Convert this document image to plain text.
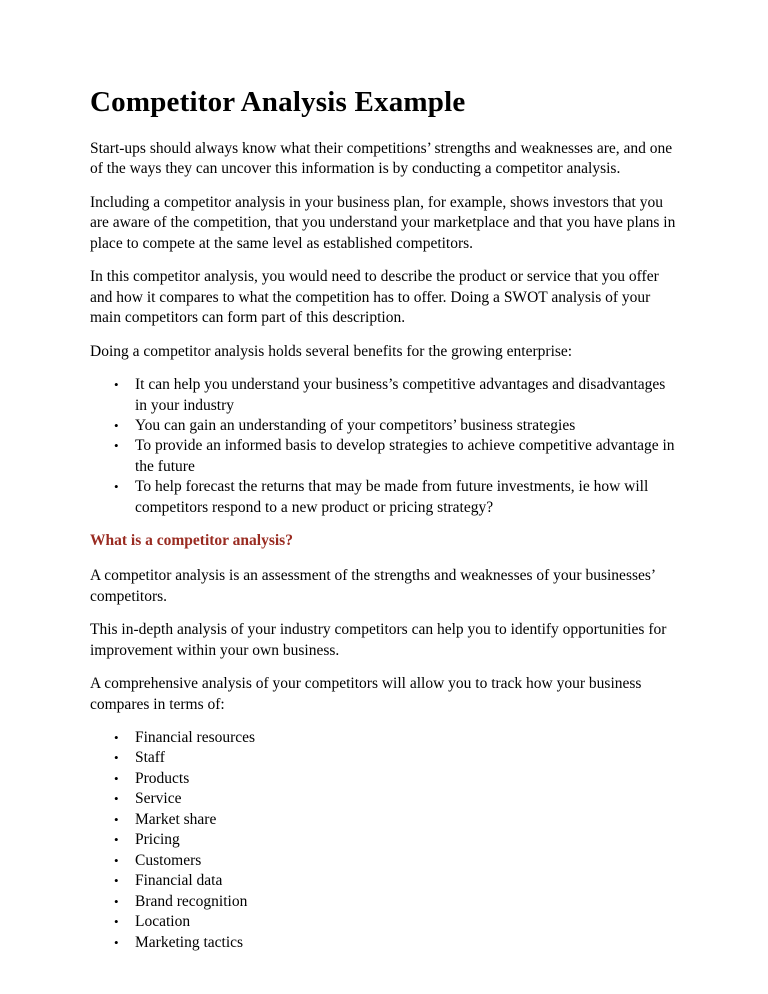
Competitor Analysis Example

Start-ups should always know what their competitions’ strengths and weaknesses are, and one of the ways they can uncover this information is by conducting a competitor analysis.

Including a competitor analysis in your business plan, for example, shows investors that you are aware of the competition, that you understand your marketplace and that you have plans in place to compete at the same level as established competitors.

In this competitor analysis, you would need to describe the product or service that you offer and how it compares to what the competition has to offer. Doing a SWOT analysis of your main competitors can form part of this description.

Doing a competitor analysis holds several benefits for the growing enterprise:

• It can help you understand your business’s competitive advantages and disadvantages in your industry
• You can gain an understanding of your competitors’ business strategies
• To provide an informed basis to develop strategies to achieve competitive advantage in the future
• To help forecast the returns that may be made from future investments, ie how will competitors respond to a new product or pricing strategy?
What is a competitor analysis?

A competitor analysis is an assessment of the strengths and weaknesses of your businesses’ competitors.

This in-depth analysis of your industry competitors can help you to identify opportunities for improvement within your own business.

A comprehensive analysis of your competitors will allow you to track how your business compares in terms of:

• Financial resources
• Staff
• Products
• Service
• Market share
• Pricing
• Customers
• Financial data
• Brand recognition
• Location
• Marketing tactics
